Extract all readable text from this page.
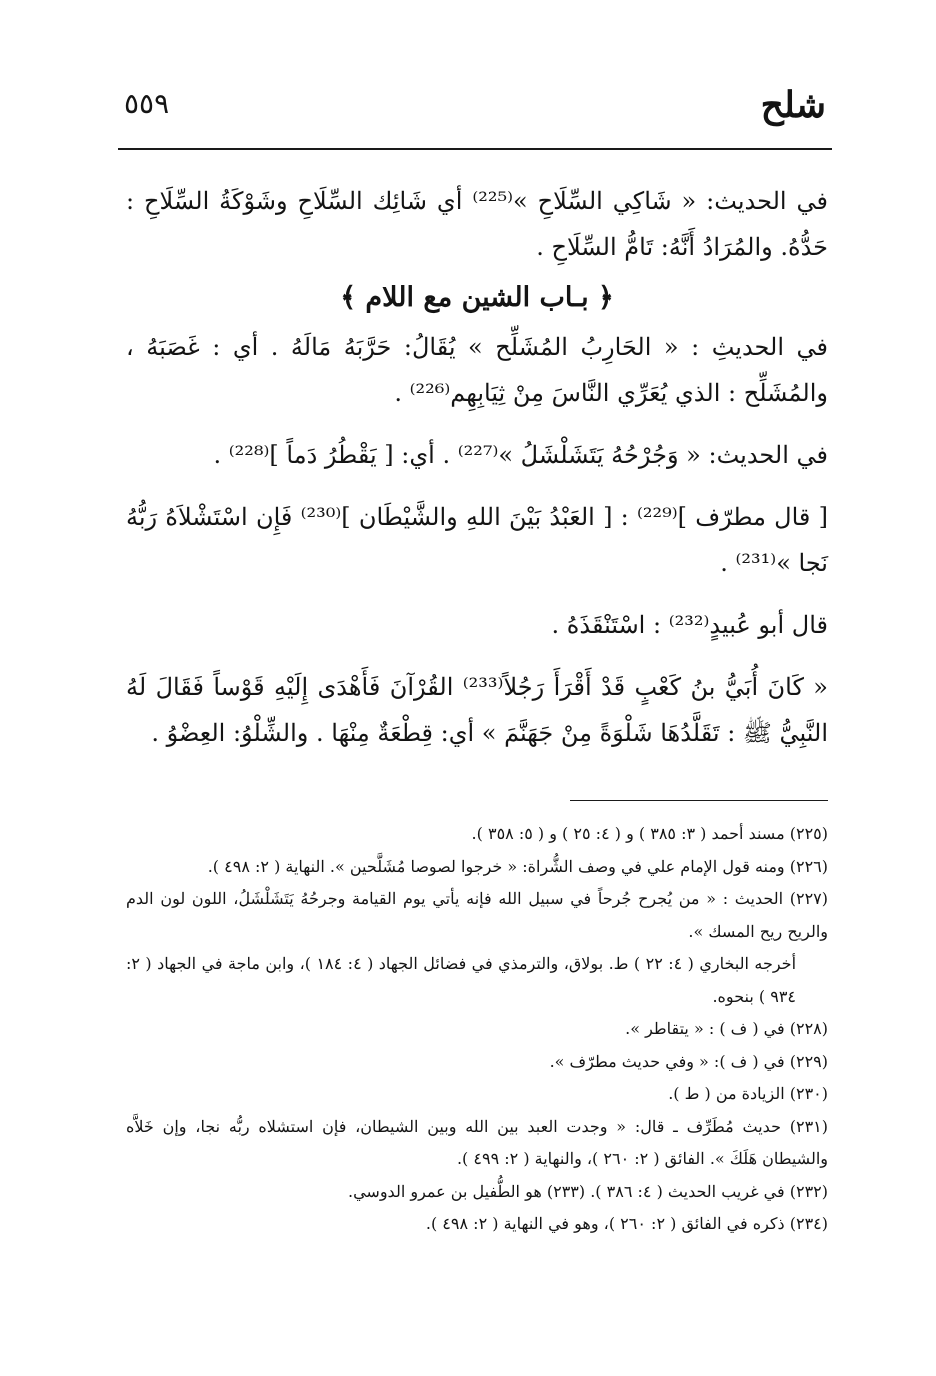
شلح
٥٥٩

في الحديث: « شَاكِي السِّلَاحِ »⁽²²⁵⁾ أي شَائِك السِّلَاحِ وشَوْكَةُ السِّلَاحِ : حَدُّهُ. والمُرَادُ أَنَّهُ: تَامُّ السِّلَاحِ .

﴿ بـاب الشين مع اللام ﴾

في الحديثِ : « الحَارِبُ المُشَلِّح » يُقَالُ: حَرَّبَهُ مَالَهُ . أي : غَصَبَهُ ، والمُشَلِّح : الذي يُعَرِّي النَّاسَ مِنْ ثِيَابِهِم⁽²²⁶⁾ .

في الحديث: « وَجُرْحُهُ يَتَشَلْشَلُ »⁽²²⁷⁾ . أي: [ يَقْطُرُ دَماً ]⁽²²⁸⁾ .

[ قال مطرّف ]⁽²²⁹⁾ : [ العَبْدُ بَيْنَ اللهِ والشَّيْطَان ]⁽²³⁰⁾ فَإِن اسْتَشْلاَهُ رَبُّهُ نَجا »⁽²³¹⁾ .

قال أبو عُبيدٍ⁽²³²⁾ : اسْتَنْقَذَهُ .

« كَانَ أُبَيُّ بنُ كَعْبٍ قَدْ أَقْرَأَ رَجُلاً⁽²³³⁾ القُرْآنَ فَأَهْدَى إِلَيْهِ قَوْساً فَقَالَ لَهُ النَّبِيُّ ﷺ : تَقَلَّدُهَا شَلْوَةً مِنْ جَهَنَّمَ » أي: قِطْعَةٌ مِنْهَا . والشِّلْوُ: العِضْوُ .

(٢٢٥) مسند أحمد ( ٣: ٣٨٥ ) و ( ٤: ٢٥ ) و ( ٥: ٣٥٨ ).

(٢٢٦) ومنه قول الإمام علي في وصف الشُّراة: « خرجوا لصوصا مُشَلَّحين ». النهاية ( ٢: ٤٩٨ ).

(٢٢٧) الحديث : « من يُجرح جُرحاً في سبيل الله فإنه يأتي يوم القيامة وجرحُهُ يَتَشَلْشَلُ، اللون لون الدم والريح ريح المسك ».

أخرجه البخاري ( ٤: ٢٢ ) ط. بولاق، والترمذي في فضائل الجهاد ( ٤: ١٨٤ )، وابن ماجة في الجهاد ( ٢: ٩٣٤ ) بنحوه.

(٢٢٨) في ( ف ) : « يتقاطر ».

(٢٢٩) في ( ف ): « وفي حديث مطرّف ».

(٢٣٠) الزيادة من ( ط ).

(٢٣١) حديث مُطَرِّف ـ قال: « وجدت العبد بين الله وبين الشيطان، فإن استشلاه ربُّه نجا، وإن خَلاَّه والشيطان هَلَكَ ». الفائق ( ٢: ٢٦٠ )، والنهاية ( ٢: ٤٩٩ ).

(٢٣٢) في غريب الحديث ( ٤: ٣٨٦ ). (٢٣٣) هو الطُّفيل بن عمرو الدوسي.

(٢٣٤) ذكره في الفائق ( ٢: ٢٦٠ )، وهو في النهاية ( ٢: ٤٩٨ ).
